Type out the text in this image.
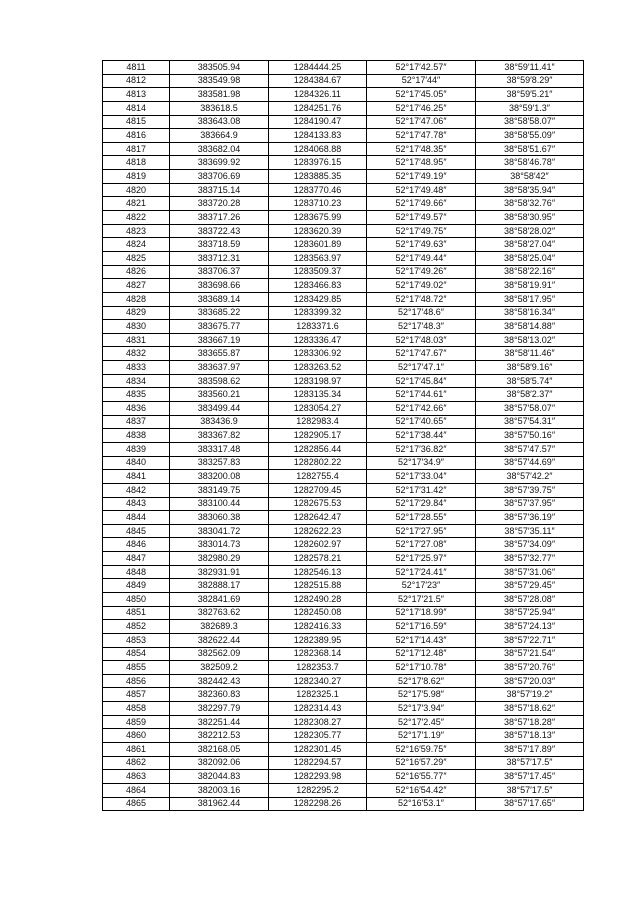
4811	383505.94	1284444.25	52°17′42.57″	38°59′11.41″
4812	383549.98	1284384.67	52°17′44″	38°59′8.29″
4813	383581.98	1284326.11	52°17′45.05″	38°59′5.21″
4814	383618.5	1284251.76	52°17′46.25″	38°59′1.3″
4815	383643.08	1284190.47	52°17′47.06″	38°58′58.07″
4816	383664.9	1284133.83	52°17′47.78″	38°58′55.09″
4817	383682.04	1284068.88	52°17′48.35″	38°58′51.67″
4818	383699.92	1283976.15	52°17′48.95″	38°58′46.78″
4819	383706.69	1283885.35	52°17′49.19″	38°58′42″
4820	383715.14	1283770.46	52°17′49.48″	38°58′35.94″
4821	383720.28	1283710.23	52°17′49.66″	38°58′32.76″
4822	383717.26	1283675.99	52°17′49.57″	38°58′30.95″
4823	383722.43	1283620.39	52°17′49.75″	38°58′28.02″
4824	383718.59	1283601.89	52°17′49.63″	38°58′27.04″
4825	383712.31	1283563.97	52°17′49.44″	38°58′25.04″
4826	383706.37	1283509.37	52°17′49.26″	38°58′22.16″
4827	383698.66	1283466.83	52°17′49.02″	38°58′19.91″
4828	383689.14	1283429.85	52°17′48.72″	38°58′17.95″
4829	383685.22	1283399.32	52°17′48.6″	38°58′16.34″
4830	383675.77	1283371.6	52°17′48.3″	38°58′14.88″
4831	383667.19	1283336.47	52°17′48.03″	38°58′13.02″
4832	383655.87	1283306.92	52°17′47.67″	38°58′11.46″
4833	383637.97	1283263.52	52°17′47.1″	38°58′9.16″
4834	383598.62	1283198.97	52°17′45.84″	38°58′5.74″
4835	383560.21	1283135.34	52°17′44.61″	38°58′2.37″
4836	383499.44	1283054.27	52°17′42.66″	38°57′58.07″
4837	383436.9	1282983.4	52°17′40.65″	38°57′54.31″
4838	383367.82	1282905.17	52°17′38.44″	38°57′50.16″
4839	383317.48	1282856.44	52°17′36.82″	38°57′47.57″
4840	383257.83	1282802.22	52°17′34.9″	38°57′44.69″
4841	383200.08	1282755.4	52°17′33.04″	38°57′42.2″
4842	383149.75	1282709.45	52°17′31.42″	38°57′39.75″
4843	383100.44	1282675.53	52°17′29.84″	38°57′37.95″
4844	383060.38	1282642.47	52°17′28.55″	38°57′36.19″
4845	383041.72	1282622.23	52°17′27.95″	38°57′35.11″
4846	383014.73	1282602.97	52°17′27.08″	38°57′34.09″
4847	382980.29	1282578.21	52°17′25.97″	38°57′32.77″
4848	382931.91	1282546.13	52°17′24.41″	38°57′31.06″
4849	382888.17	1282515.88	52°17′23″	38°57′29.45″
4850	382841.69	1282490.28	52°17′21.5″	38°57′28.08″
4851	382763.62	1282450.08	52°17′18.99″	38°57′25.94″
4852	382689.3	1282416.33	52°17′16.59″	38°57′24.13″
4853	382622.44	1282389.95	52°17′14.43″	38°57′22.71″
4854	382562.09	1282368.14	52°17′12.48″	38°57′21.54″
4855	382509.2	1282353.7	52°17′10.78″	38°57′20.76″
4856	382442.43	1282340.27	52°17′8.62″	38°57′20.03″
4857	382360.83	1282325.1	52°17′5.98″	38°57′19.2″
4858	382297.79	1282314.43	52°17′3.94″	38°57′18.62″
4859	382251.44	1282308.27	52°17′2.45″	38°57′18.28″
4860	382212.53	1282305.77	52°17′1.19″	38°57′18.13″
4861	382168.05	1282301.45	52°16′59.75″	38°57′17.89″
4862	382092.06	1282294.57	52°16′57.29″	38°57′17.5″
4863	382044.83	1282293.98	52°16′55.77″	38°57′17.45″
4864	382003.16	1282295.2	52°16′54.42″	38°57′17.5″
4865	381962.44	1282298.26	52°16′53.1″	38°57′17.65″
